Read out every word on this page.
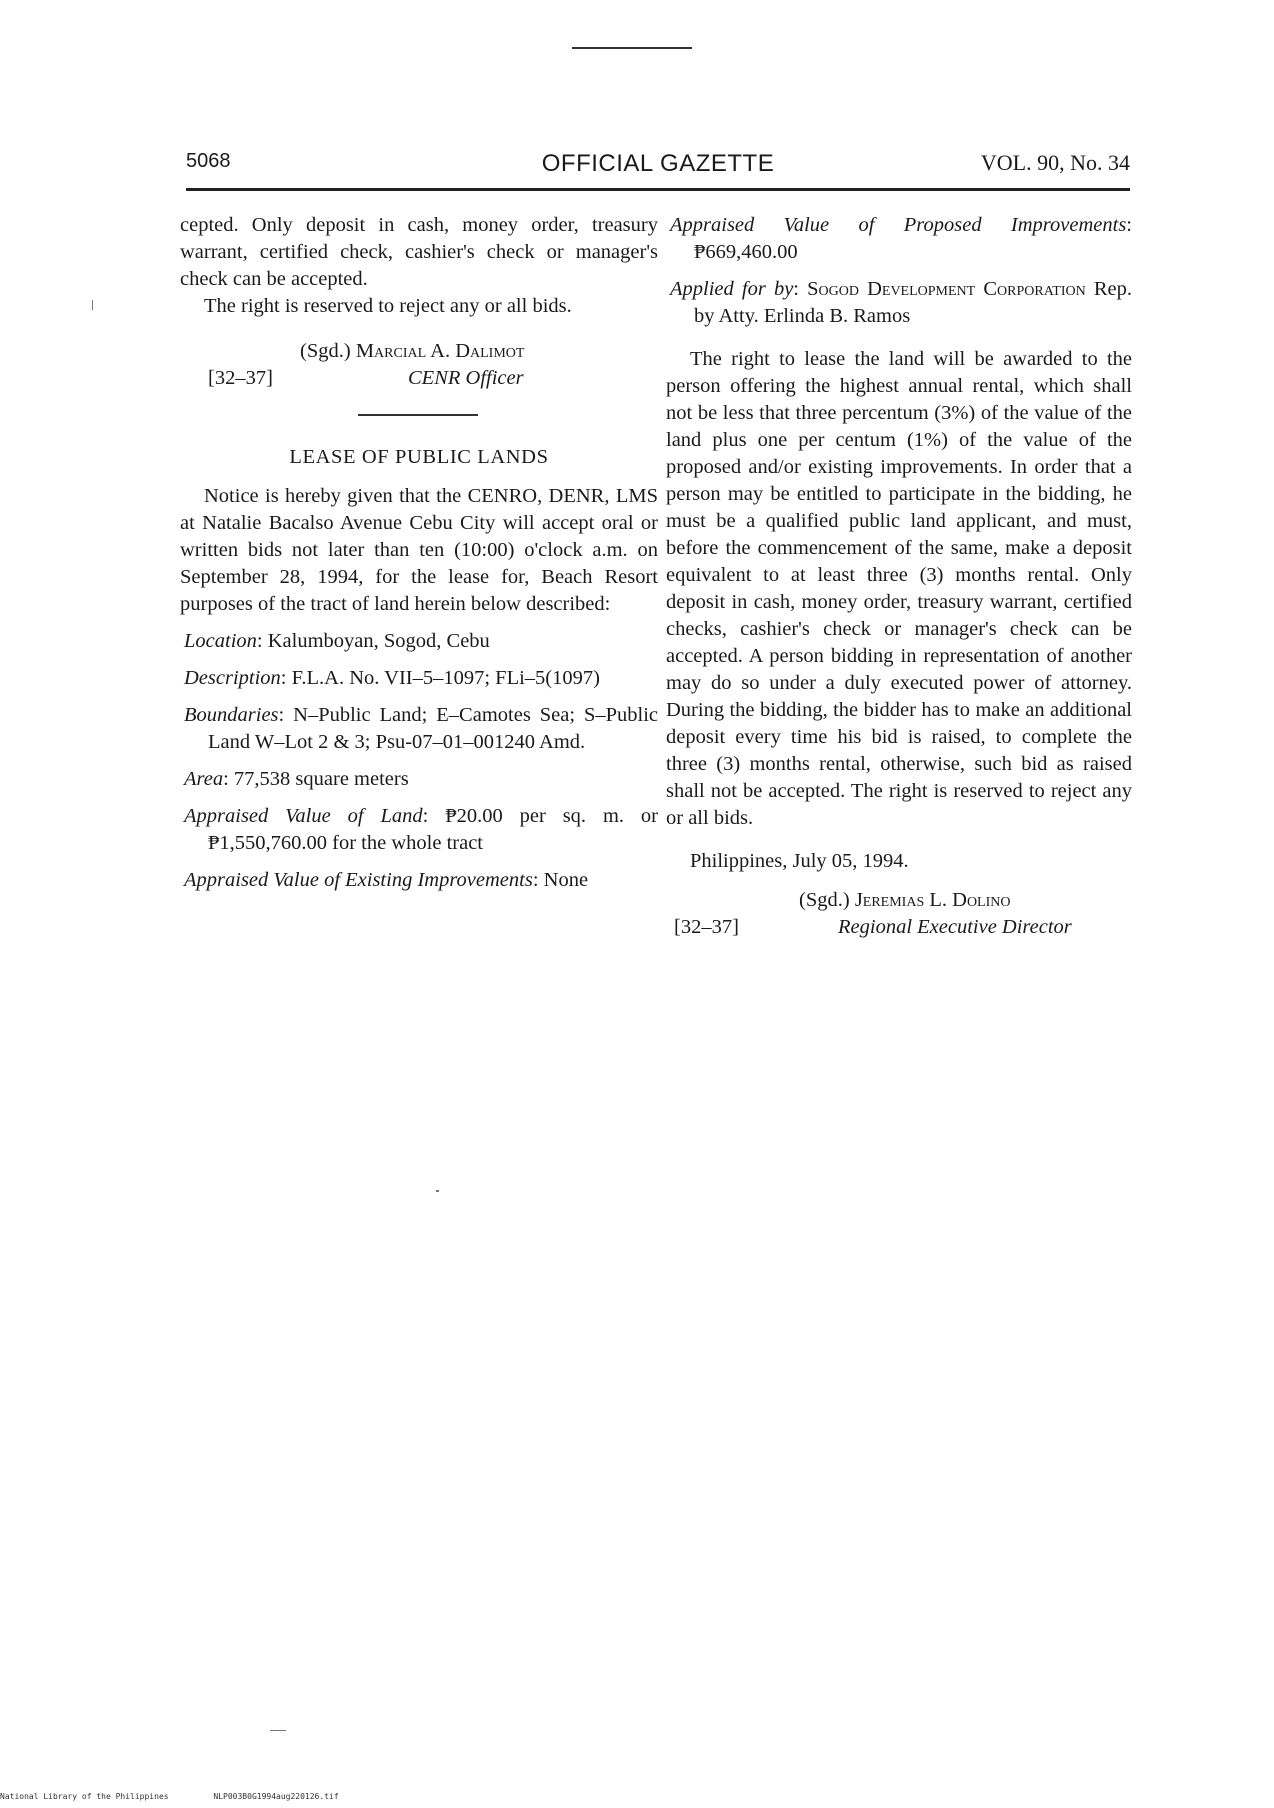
5068	OFFICIAL GAZETTE	VOL. 90, No. 34

cepted. Only deposit in cash, money order, treasury warrant, certified check, cashier's check or manager's check can be accepted.

The right is reserved to reject any or all bids.

(Sgd.) Marcial A. Dalimot
[32–37]	CENR Officer

LEASE OF PUBLIC LANDS

Notice is hereby given that the CENRO, DENR, LMS at Natalie Bacalso Avenue Cebu City will accept oral or written bids not later than ten (10:00) o'clock a.m. on September 28, 1994, for the lease for, Beach Resort purposes of the tract of land herein below described:

Location: Kalumboyan, Sogod, Cebu

Description: F.L.A. No. VII–5–1097; FLi–5(1097)

Boundaries: N–Public Land; E–Camotes Sea; S–Public Land W–Lot 2 & 3; Psu-07–01–001240 Amd.

Area: 77,538 square meters

Appraised Value of Land: ₱20.00 per sq. m. or ₱1,550,760.00 for the whole tract

Appraised Value of Existing Improvements: None

Appraised Value of Proposed Improvements: ₱669,460.00

Applied for by: Sogod Development Corporation Rep. by Atty. Erlinda B. Ramos

The right to lease the land will be awarded to the person offering the highest annual rental, which shall not be less that three percentum (3%) of the value of the land plus one per centum (1%) of the value of the proposed and/or existing improvements. In order that a person may be entitled to participate in the bidding, he must be a qualified public land applicant, and must, before the commencement of the same, make a deposit equivalent to at least three (3) months rental. Only deposit in cash, money order, treasury warrant, certified checks, cashier's check or manager's check can be accepted. A person bidding in representation of another may do so under a duly executed power of attorney. During the bidding, the bidder has to make an additional deposit every time his bid is raised, to complete the three (3) months rental, otherwise, such bid as raised shall not be accepted. The right is reserved to reject any or all bids.

Philippines, July 05, 1994.

(Sgd.) Jeremias L. Dolino
[32–37]	Regional Executive Director
National Library of the Philippines	NLP003B0G1994aug220126.tif
